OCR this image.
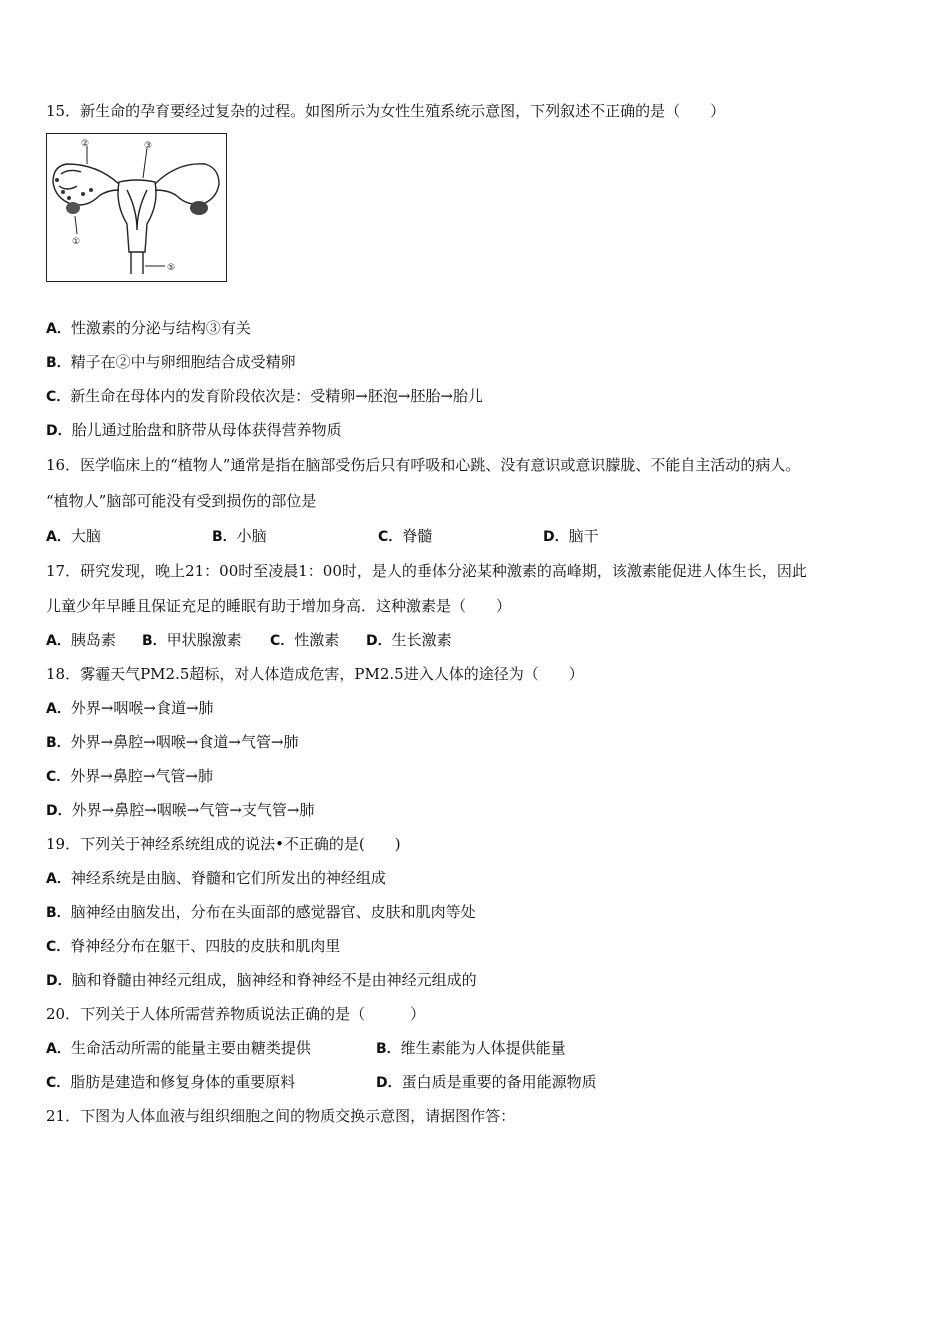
15．新生命的孕育要经过复杂的过程。如图所示为女性生殖系统示意图，下列叙述不正确的是（　　）
②	③
①
⑤
A．性激素的分泌与结构③有关
B．精子在②中与卵细胞结合成受精卵
C．新生命在母体内的发育阶段依次是：受精卵→胚泡→胚胎→胎儿
D．胎儿通过胎盘和脐带从母体获得营养物质
16．医学临床上的“植物人”通常是指在脑部受伤后只有呼吸和心跳、没有意识或意识朦胧、不能自主活动的病人。
“植物人”脑部可能没有受到损伤的部位是
A．大脑	B．小脑	C．脊髓	D．脑干
17．研究发现，晚上21：00时至凌晨1：00时，是人的垂体分泌某种激素的高峰期，该激素能促进人体生长，因此
儿童少年早睡且保证充足的睡眠有助于增加身高．这种激素是（　　）
A．胰岛素 B．甲状腺激素 C．性激素 D．生长激素
18．雾霾天气PM2.5超标，对人体造成危害，PM2.5进入人体的途径为（　　）
A．外界→咽喉→食道→肺
B．外界→鼻腔→咽喉→食道→气管→肺
C．外界→鼻腔→气管→肺
D．外界→鼻腔→咽喉→气管→支气管→肺
19．下列关于神经系统组成的说法•不正确的是(　　)
A．神经系统是由脑、脊髓和它们所发出的神经组成
B．脑神经由脑发出，分布在头面部的感觉器官、皮肤和肌肉等处
C．脊神经分布在躯干、四肢的皮肤和肌肉里
D．脑和脊髓由神经元组成，脑神经和脊神经不是由神经元组成的
20．下列关于人体所需营养物质说法正确的是（　　　）
A．生命活动所需的能量主要由糖类提供	B．维生素能为人体提供能量
C．脂肪是建造和修复身体的重要原料	D．蛋白质是重要的备用能源物质
21．下图为人体血液与组织细胞之间的物质交换示意图，请据图作答：
